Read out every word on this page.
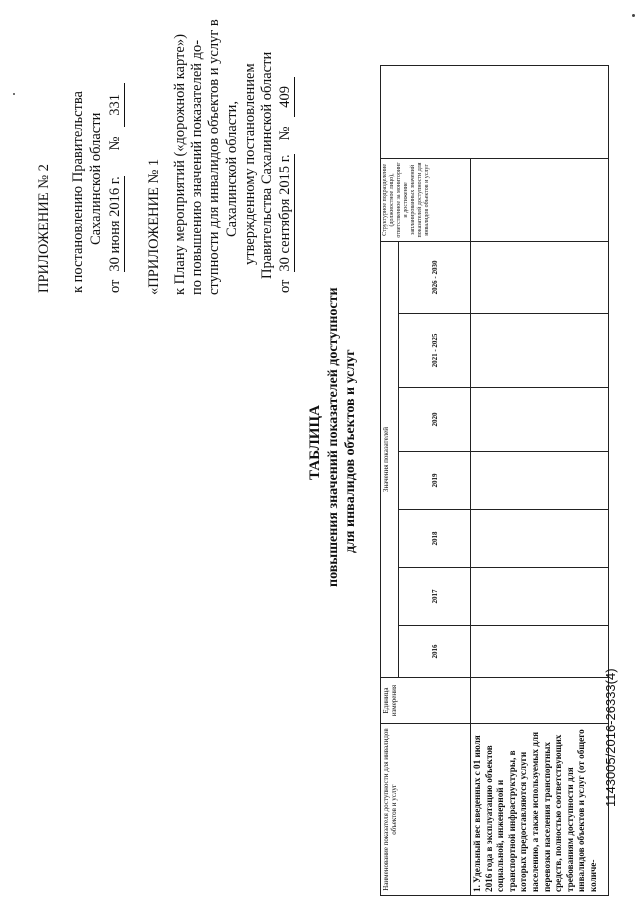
ПРИЛОЖЕНИЕ № 2 к постановлению Правительства Сахалинской области
от 30 июня 2016 г. № 331
«ПРИЛОЖЕНИЕ № 1 к Плану мероприятий («дорожной карте») по повышению значений показателей до- ступности для инвалидов объектов и услуг в Сахалинской области, утвержденному постановлением Правительства Сахалинской области
от 30 сентября 2015 г. № 409
ТАБЛИЦА повышения значений показателей доступности для инвалидов объектов и услуг
Наименование показателя доступности для инвалидов объектов и услуг	Единица измерения	Значения показателей							Структурное подразделение (должностное лицо), ответственное за мониторинг и достижение запланированных значений показателей доступности для инвалидов объектов и услуг	
		2016	2017	2018	2019	2020	2021 - 2025	2026 - 2030		
1. Удельный вес введенных с 01 июля 2016 года в эксплуатацию объектов социальной, инженерной и транспортной инфраструктуры, в которых предоставляются услуги населению, а также используемых для перевозки населения транспортных средств, полностью соответствующих требованиям доступности для инвалидов объектов и услуг (от общего количе-										
1143005/2016-26333(4)
